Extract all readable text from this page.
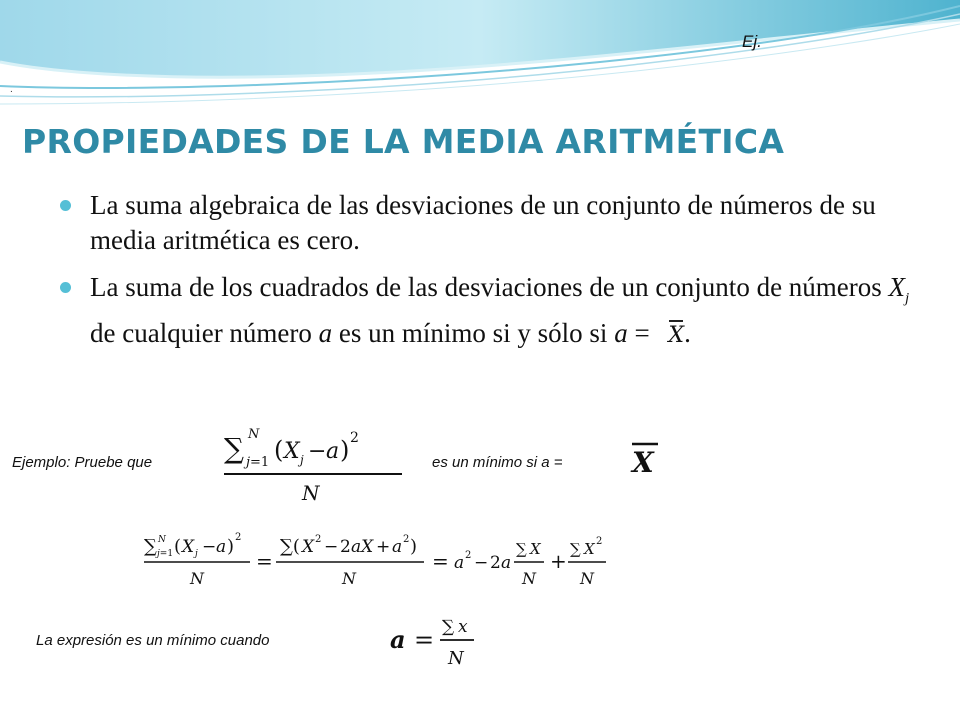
Ej.
.
PROPIEDADES DE LA MEDIA ARITMÉTICA
La suma algebraica de las desviaciones de un conjunto de números de su media aritmética es cero.
La suma de los cuadrados de las desviaciones de un conjunto de números $X_j$ de cualquier número a es un mínimo si y sólo si a = X.
Ejemplo: Pruebe que	∑ N
j=1 ( X j − a ) 2
N
es un mínimo si a = X
∑ N
j=1 ( X j − a ) 2
N
=
∑( X 2 − 2 aX + a 2 )
N
= a 2 − 2 a
∑ X
N
+ ∑ X 2
N
La expresión es un mínimo cuando	a = ∑ x
N
